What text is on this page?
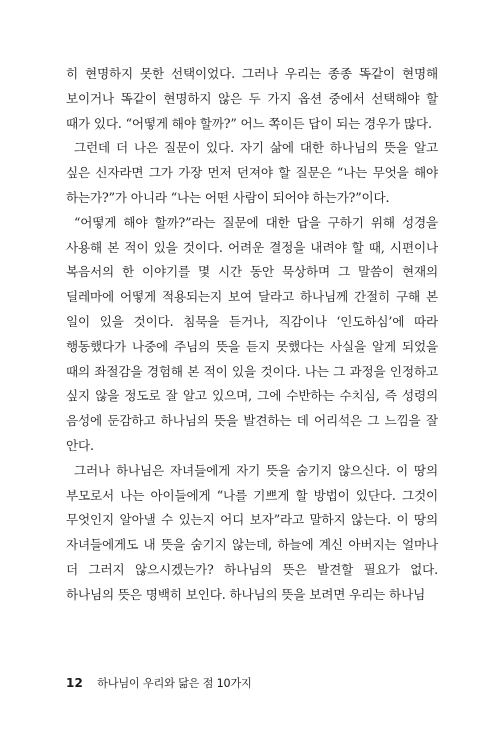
히 현명하지 못한 선택이었다. 그러나 우리는 종종 똑같이 현명해 보이거나 똑같이 현명하지 않은 두 가지 옵션 중에서 선택해야 할 때가 있다. “어떻게 해야 할까?” 어느 쪽이든 답이 되는 경우가 많다.

그런데 더 나은 질문이 있다. 자기 삶에 대한 하나님의 뜻을 알고 싶은 신자라면 그가 가장 먼저 던져야 할 질문은 “나는 무엇을 해야 하는가?”가 아니라 “나는 어떤 사람이 되어야 하는가?”이다.

“어떻게 해야 할까?”라는 질문에 대한 답을 구하기 위해 성경을 사용해 본 적이 있을 것이다. 어려운 결정을 내려야 할 때, 시편이나 복음서의 한 이야기를 몇 시간 동안 묵상하며 그 말씀이 현재의 딜레마에 어떻게 적용되는지 보여 달라고 하나님께 간절히 구해 본 일이 있을 것이다. 침묵을 듣거나, 직감이나 ‘인도하심’에 따라 행동했다가 나중에 주님의 뜻을 듣지 못했다는 사실을 알게 되었을 때의 좌절감을 경험해 본 적이 있을 것이다. 나는 그 과정을 인정하고 싶지 않을 정도로 잘 알고 있으며, 그에 수반하는 수치심, 즉 성령의 음성에 둔감하고 하나님의 뜻을 발견하는 데 어리석은 그 느낌을 잘 안다.

그러나 하나님은 자녀들에게 자기 뜻을 숨기지 않으신다. 이 땅의 부모로서 나는 아이들에게 “나를 기쁘게 할 방법이 있단다. 그것이 무엇인지 알아낼 수 있는지 어디 보자”라고 말하지 않는다. 이 땅의 자녀들에게도 내 뜻을 숨기지 않는데, 하늘에 계신 아버지는 얼마나 더 그러지 않으시겠는가? 하나님의 뜻은 발견할 필요가 없다. 하나님의 뜻은 명백히 보인다. 하나님의 뜻을 보려면 우리는 하나님

12 하나님이 우리와 닮은 점 10가지
